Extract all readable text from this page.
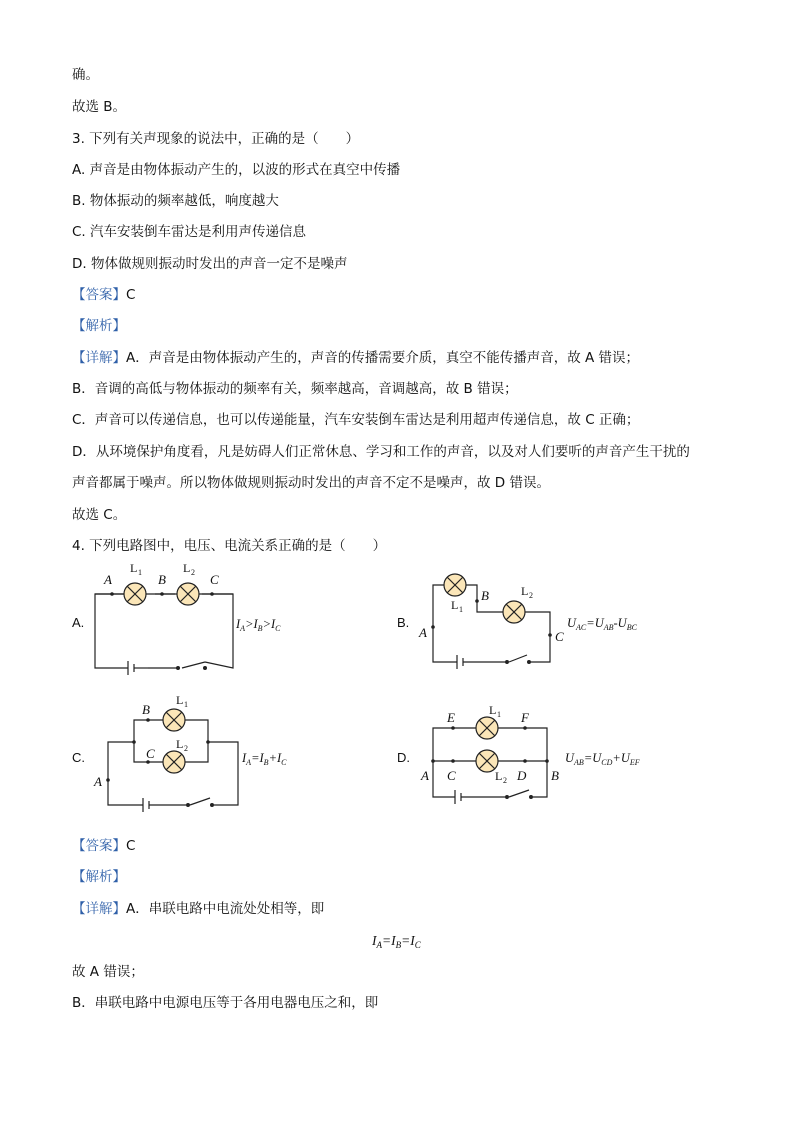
确。
故选 B。
3. 下列有关声现象的说法中，正确的是（　　）
A. 声音是由物体振动产生的，以波的形式在真空中传播
B. 物体振动的频率越低，响度越大
C. 汽车安装倒车雷达是利用声传递信息
D. 物体做规则振动时发出的声音一定不是噪声
【答案】C
【解析】
【详解】A．声音是由物体振动产生的，声音的传播需要介质，真空不能传播声音，故 A 错误；
B．音调的高低与物体振动的频率有关，频率越高，音调越高，故 B 错误；
C．声音可以传递信息，也可以传递能量，汽车安装倒车雷达是利用超声传递信息，故 C 正确；
D．从环境保护角度看，凡是妨碍人们正常休息、学习和工作的声音，以及对人们要听的声音产生干扰的
声音都属于噪声。所以物体做规则振动时发出的声音不定不是噪声，故 D 错误。
故选 C。
4. 下列电路图中，电压、电流关系正确的是（　　）
A.
A	B	C
L 1	L 2
$I_A>I_B>I_C$	B.
A
B
C
L 1
L 2
$U_{AC}=U_{AB}-U_{BC}$
C.
A
B
C
L 1
L 2
$I_A=I_B+I_C$	D.
A	B
C	D
E	F
L 1
L 2
$U_{AB}=U_{CD}+U_{EF}$
【答案】C
【解析】
【详解】A．串联电路中电流处处相等，即
$I_A=I_B=I_C$
故 A 错误；
B．串联电路中电源电压等于各用电器电压之和，即
